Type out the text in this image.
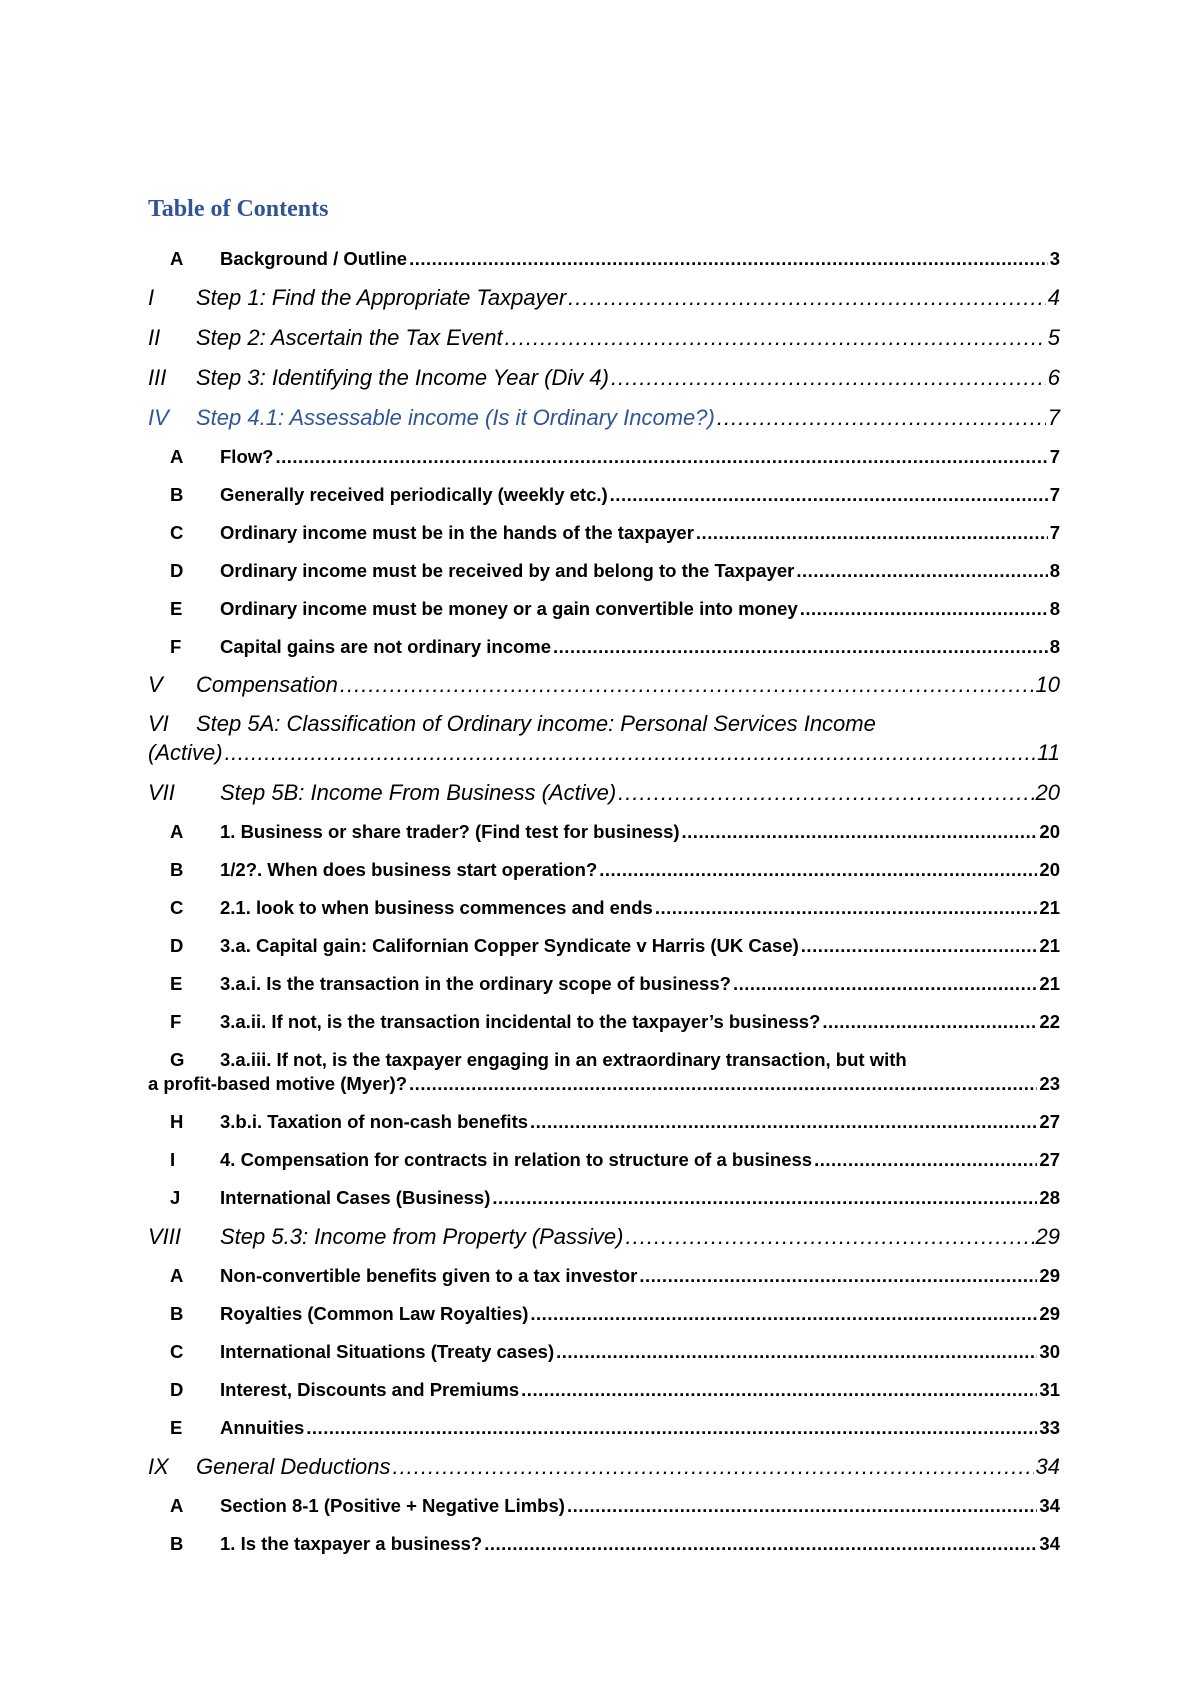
Table of Contents
A	Background / Outline .....	3
I	Step 1: Find the Appropriate Taxpayer .....	4
II	Step 2: Ascertain the Tax Event .....	5
III	Step 3: Identifying the Income Year (Div 4) .....	6
IV	Step 4.1: Assessable income (Is it Ordinary Income?) .....	7
A	Flow? .....	7
B	Generally received periodically (weekly etc.) .....	7
C	Ordinary income must be in the hands of the taxpayer .....	7
D	Ordinary income must be received by and belong to the Taxpayer .....	8
E	Ordinary income must be money or a gain convertible into money .....	8
F	Capital gains are not ordinary income .....	8
V	Compensation .....	10
VI	Step 5A: Classification of Ordinary income: Personal Services Income
(Active) .....	11
VII	Step 5B: Income From Business (Active) .....	20
A	1. Business or share trader? (Find test for business) .....	20
B	1/2?. When does business start operation? .....	20
C	2.1. look to when business commences and ends .....	21
D	3.a. Capital gain: Californian Copper Syndicate v Harris (UK Case) .....	21
E	3.a.i. Is the transaction in the ordinary scope of business? .....	21
F	3.a.ii. If not, is the transaction incidental to the taxpayer’s business? .....	22
G	3.a.iii. If not, is the taxpayer engaging in an extraordinary transaction, but with
a profit-based motive (Myer)? .....	23
H	3.b.i. Taxation of non-cash benefits .....	27
I	4. Compensation for contracts in relation to structure of a business .....	27
J	International Cases (Business) .....	28
VIII	Step 5.3: Income from Property (Passive) .....	29
A	Non-convertible benefits given to a tax investor .....	29
B	Royalties (Common Law Royalties) .....	29
C	International Situations (Treaty cases) .....	30
D	Interest, Discounts and Premiums .....	31
E	Annuities .....	33
IX	General Deductions .....	34
A	Section 8-1 (Positive + Negative Limbs) .....	34
B	1. Is the taxpayer a business? .....	34
